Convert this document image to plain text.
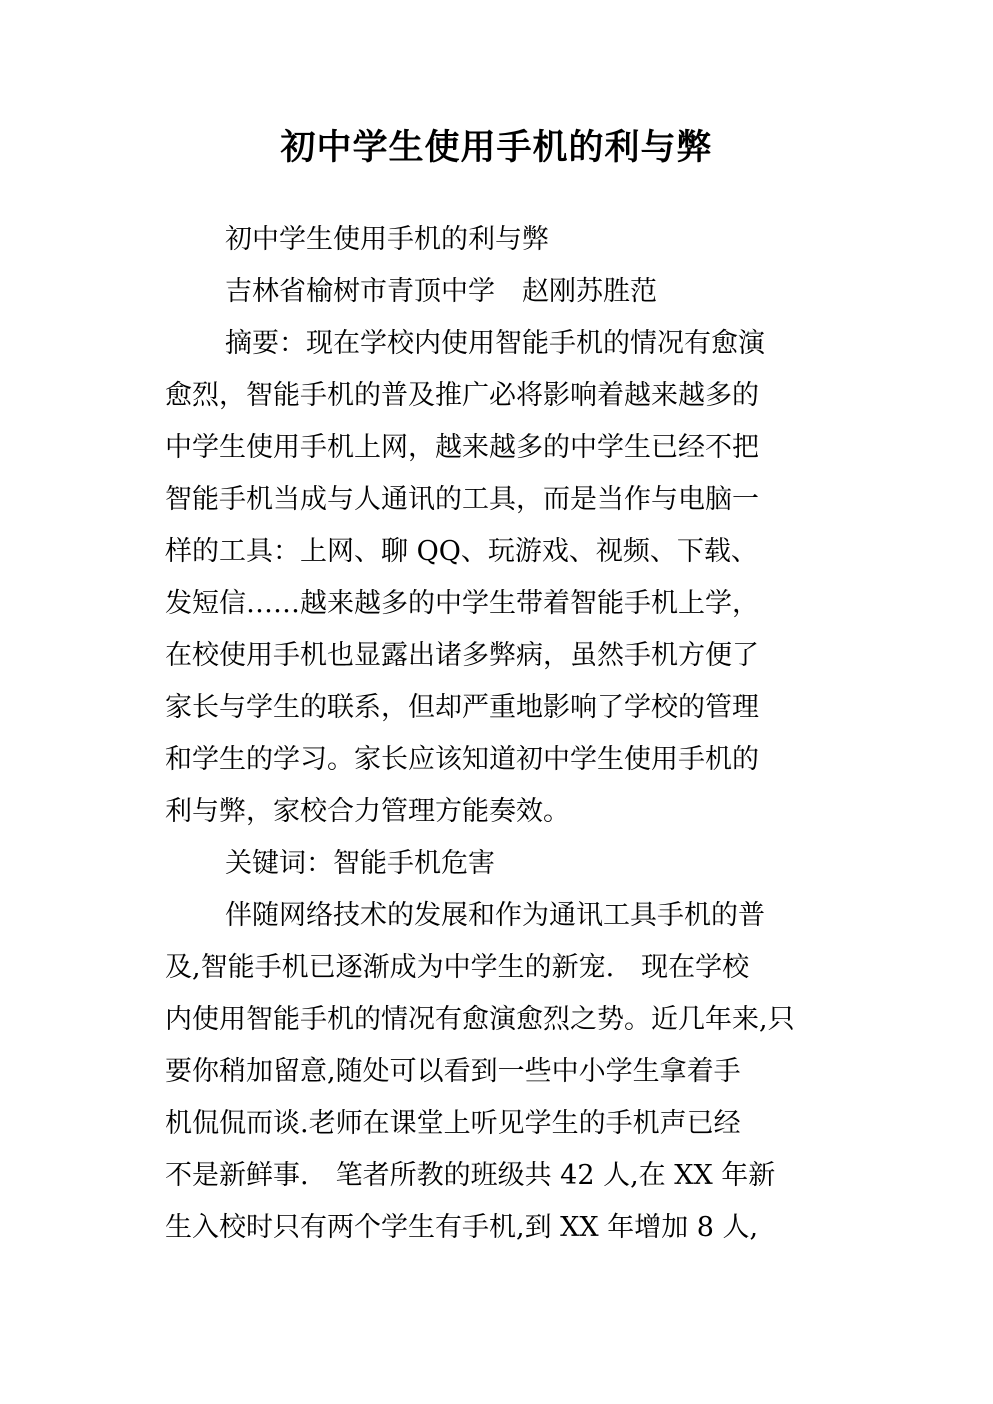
初中学生使用手机的利与弊
初中学生使用手机的利与弊
吉林省榆树市青顶中学　赵刚苏胜范
摘要：现在学校内使用智能手机的情况有愈演
愈烈，智能手机的普及推广必将影响着越来越多的
中学生使用手机上网，越来越多的中学生已经不把
智能手机当成与人通讯的工具，而是当作与电脑一
样的工具：上网、聊 QQ、玩游戏、视频、下载、
发短信……越来越多的中学生带着智能手机上学，
在校使用手机也显露出诸多弊病，虽然手机方便了
家长与学生的联系，但却严重地影响了学校的管理
和学生的学习。家长应该知道初中学生使用手机的
利与弊，家校合力管理方能奏效。
关键词：智能手机危害
伴随网络技术的发展和作为通讯工具手机的普
及,智能手机已逐渐成为中学生的新宠.　现在学校
内使用智能手机的情况有愈演愈烈之势。近几年来,只
要你稍加留意,随处可以看到一些中小学生拿着手
机侃侃而谈.老师在课堂上听见学生的手机声已经
不是新鲜事.　笔者所教的班级共 42 人,在 XX 年新
生入校时只有两个学生有手机,到 XX 年增加 8 人,
